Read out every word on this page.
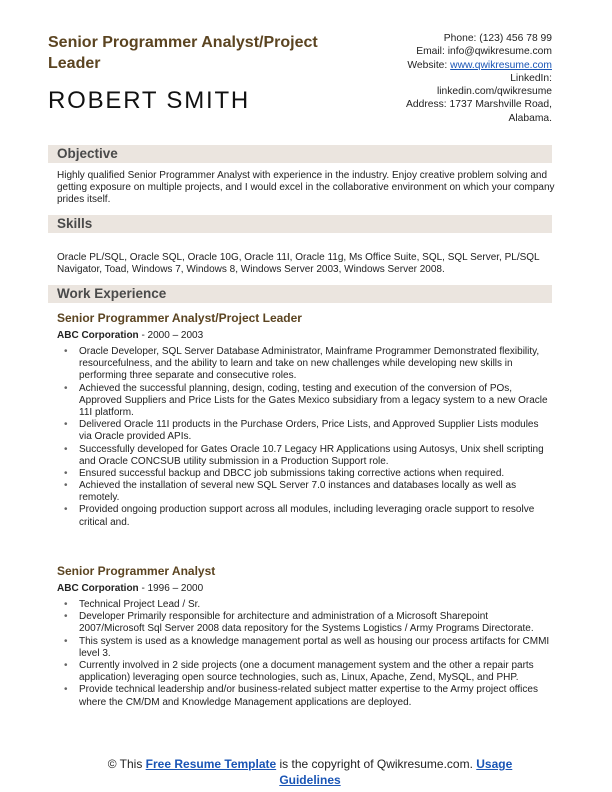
Senior Programmer Analyst/Project Leader
ROBERT SMITH
Phone: (123) 456 78 99
Email: info@qwikresume.com
Website: www.qwikresume.com
LinkedIn:
linkedin.com/qwikresume
Address: 1737 Marshville Road,
Alabama.
Objective
Highly qualified Senior Programmer Analyst with experience in the industry. Enjoy creative problem solving and getting exposure on multiple projects, and I would excel in the collaborative environment on which your company prides itself.
Skills
Oracle PL/SQL, Oracle SQL, Oracle 10G, Oracle 11I, Oracle 11g, Ms Office Suite, SQL, SQL Server, PL/SQL Navigator, Toad, Windows 7, Windows 8, Windows Server 2003, Windows Server 2008.
Work Experience
Senior Programmer Analyst/Project Leader
ABC Corporation - 2000 – 2003
• Oracle Developer, SQL Server Database Administrator, Mainframe Programmer Demonstrated flexibility, resourcefulness, and the ability to learn and take on new challenges while developing new skills in performing three separate and consecutive roles.
• Achieved the successful planning, design, coding, testing and execution of the conversion of POs, Approved Suppliers and Price Lists for the Gates Mexico subsidiary from a legacy system to a new Oracle 11I platform.
• Delivered Oracle 11I products in the Purchase Orders, Price Lists, and Approved Supplier Lists modules via Oracle provided APIs.
• Successfully developed for Gates Oracle 10.7 Legacy HR Applications using Autosys, Unix shell scripting and Oracle CONCSUB utility submission in a Production Support role.
• Ensured successful backup and DBCC job submissions taking corrective actions when required.
• Achieved the installation of several new SQL Server 7.0 instances and databases locally as well as remotely.
• Provided ongoing production support across all modules, including leveraging oracle support to resolve critical and.
Senior Programmer Analyst
ABC Corporation - 1996 – 2000
• Technical Project Lead / Sr.
• Developer Primarily responsible for architecture and administration of a Microsoft Sharepoint 2007/Microsoft Sql Server 2008 data repository for the Systems Logistics / Army Programs Directorate.
• This system is used as a knowledge management portal as well as housing our process artifacts for CMMI level 3.
• Currently involved in 2 side projects (one a document management system and the other a repair parts application) leveraging open source technologies, such as, Linux, Apache, Zend, MySQL, and PHP.
• Provide technical leadership and/or business-related subject matter expertise to the Army project offices where the CM/DM and Knowledge Management applications are deployed.
© This Free Resume Template is the copyright of Qwikresume.com. Usage Guidelines
